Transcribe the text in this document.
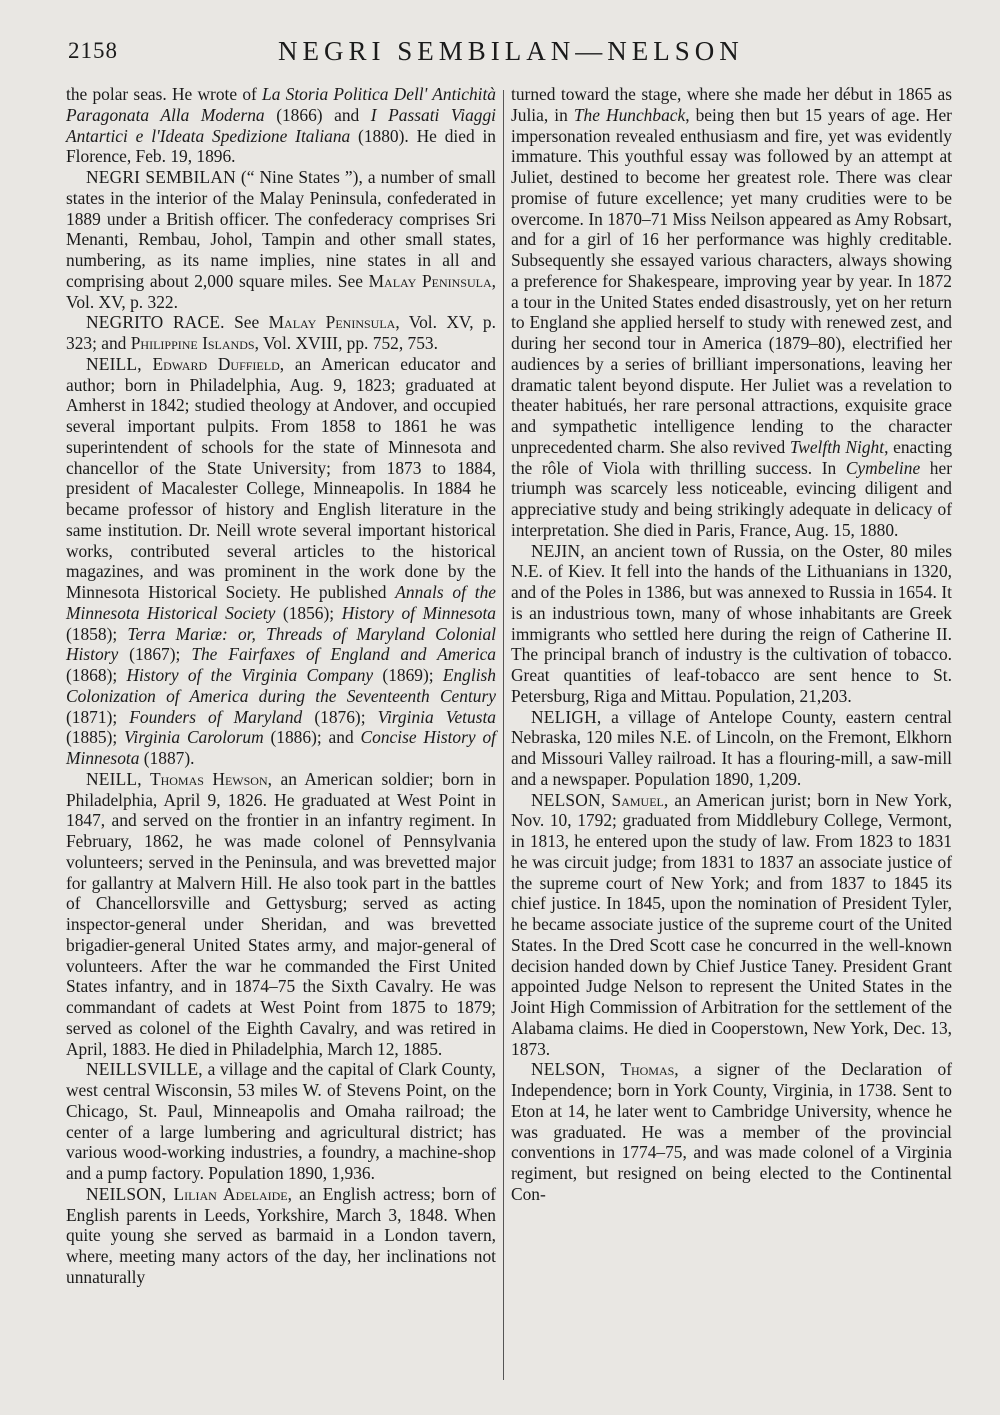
2158	NEGRI SEMBILAN—NELSON

the polar seas. He wrote of La Storia Politica Dell' Antichità Paragonata Alla Moderna (1866) and I Passati Viaggi Antartici e l'Ideata Spedizione Italiana (1880). He died in Florence, Feb. 19, 1896.

NEGRI SEMBILAN (“ Nine States ”), a number of small states in the interior of the Malay Peninsula, confederated in 1889 under a British officer. The confederacy comprises Sri Menanti, Rembau, Johol, Tampin and other small states, numbering, as its name implies, nine states in all and comprising about 2,000 square miles. See Malay Peninsula, Vol. XV, p. 322.

NEGRITO RACE. See Malay Peninsula, Vol. XV, p. 323; and Philippine Islands, Vol. XVIII, pp. 752, 753.

NEILL, Edward Duffield, an American educator and author; born in Philadelphia, Aug. 9, 1823; graduated at Amherst in 1842; studied theology at Andover, and occupied several important pulpits. From 1858 to 1861 he was superintendent of schools for the state of Minnesota and chancellor of the State University; from 1873 to 1884, president of Macalester College, Minneapolis. In 1884 he became professor of history and English literature in the same institution. Dr. Neill wrote several important historical works, contributed several articles to the historical magazines, and was prominent in the work done by the Minnesota Historical Society. He published Annals of the Minnesota Historical Society (1856); History of Minnesota (1858); Terra Mariæ: or, Threads of Maryland Colonial History (1867); The Fairfaxes of England and America (1868); History of the Virginia Company (1869); English Colonization of America during the Seventeenth Century (1871); Founders of Maryland (1876); Virginia Vetusta (1885); Virginia Carolorum (1886); and Concise History of Minnesota (1887).

NEILL, Thomas Hewson, an American soldier; born in Philadelphia, April 9, 1826. He graduated at West Point in 1847, and served on the frontier in an infantry regiment. In February, 1862, he was made colonel of Pennsylvania volunteers; served in the Peninsula, and was brevetted major for gallantry at Malvern Hill. He also took part in the battles of Chancellorsville and Gettysburg; served as acting inspector-general under Sheridan, and was brevetted brigadier-general United States army, and major-general of volunteers. After the war he commanded the First United States infantry, and in 1874–75 the Sixth Cavalry. He was commandant of cadets at West Point from 1875 to 1879; served as colonel of the Eighth Cavalry, and was retired in April, 1883. He died in Philadelphia, March 12, 1885.

NEILLSVILLE, a village and the capital of Clark County, west central Wisconsin, 53 miles W. of Stevens Point, on the Chicago, St. Paul, Minneapolis and Omaha railroad; the center of a large lumbering and agricultural district; has various wood-working industries, a foundry, a machine-shop and a pump factory. Population 1890, 1,936.

NEILSON, Lilian Adelaide, an English actress; born of English parents in Leeds, Yorkshire, March 3, 1848. When quite young she served as barmaid in a London tavern, where, meeting many actors of the day, her inclinations not unnaturally

turned toward the stage, where she made her début in 1865 as Julia, in The Hunchback, being then but 15 years of age. Her impersonation revealed enthusiasm and fire, yet was evidently immature. This youthful essay was followed by an attempt at Juliet, destined to become her greatest role. There was clear promise of future excellence; yet many crudities were to be overcome. In 1870–71 Miss Neilson appeared as Amy Robsart, and for a girl of 16 her performance was highly creditable. Subsequently she essayed various characters, always showing a preference for Shakespeare, improving year by year. In 1872 a tour in the United States ended disastrously, yet on her return to England she applied herself to study with renewed zest, and during her second tour in America (1879–80), electrified her audiences by a series of brilliant impersonations, leaving her dramatic talent beyond dispute. Her Juliet was a revelation to theater habitués, her rare personal attractions, exquisite grace and sympathetic intelligence lending to the character unprecedented charm. She also revived Twelfth Night, enacting the rôle of Viola with thrilling success. In Cymbeline her triumph was scarcely less noticeable, evincing diligent and appreciative study and being strikingly adequate in delicacy of interpretation. She died in Paris, France, Aug. 15, 1880.

NEJIN, an ancient town of Russia, on the Oster, 80 miles N.E. of Kiev. It fell into the hands of the Lithuanians in 1320, and of the Poles in 1386, but was annexed to Russia in 1654. It is an industrious town, many of whose inhabitants are Greek immigrants who settled here during the reign of Catherine II. The principal branch of industry is the cultivation of tobacco. Great quantities of leaf-tobacco are sent hence to St. Petersburg, Riga and Mittau. Population, 21,203.

NELIGH, a village of Antelope County, eastern central Nebraska, 120 miles N.E. of Lincoln, on the Fremont, Elkhorn and Missouri Valley railroad. It has a flouring-mill, a saw-mill and a newspaper. Population 1890, 1,209.

NELSON, Samuel, an American jurist; born in New York, Nov. 10, 1792; graduated from Middlebury College, Vermont, in 1813, he entered upon the study of law. From 1823 to 1831 he was circuit judge; from 1831 to 1837 an associate justice of the supreme court of New York; and from 1837 to 1845 its chief justice. In 1845, upon the nomination of President Tyler, he became associate justice of the supreme court of the United States. In the Dred Scott case he concurred in the well-known decision handed down by Chief Justice Taney. President Grant appointed Judge Nelson to represent the United States in the Joint High Commission of Arbitration for the settlement of the Alabama claims. He died in Cooperstown, New York, Dec. 13, 1873.

NELSON, Thomas, a signer of the Declaration of Independence; born in York County, Virginia, in 1738. Sent to Eton at 14, he later went to Cambridge University, whence he was graduated. He was a member of the provincial conventions in 1774–75, and was made colonel of a Virginia regiment, but resigned on being elected to the Continental Con-
